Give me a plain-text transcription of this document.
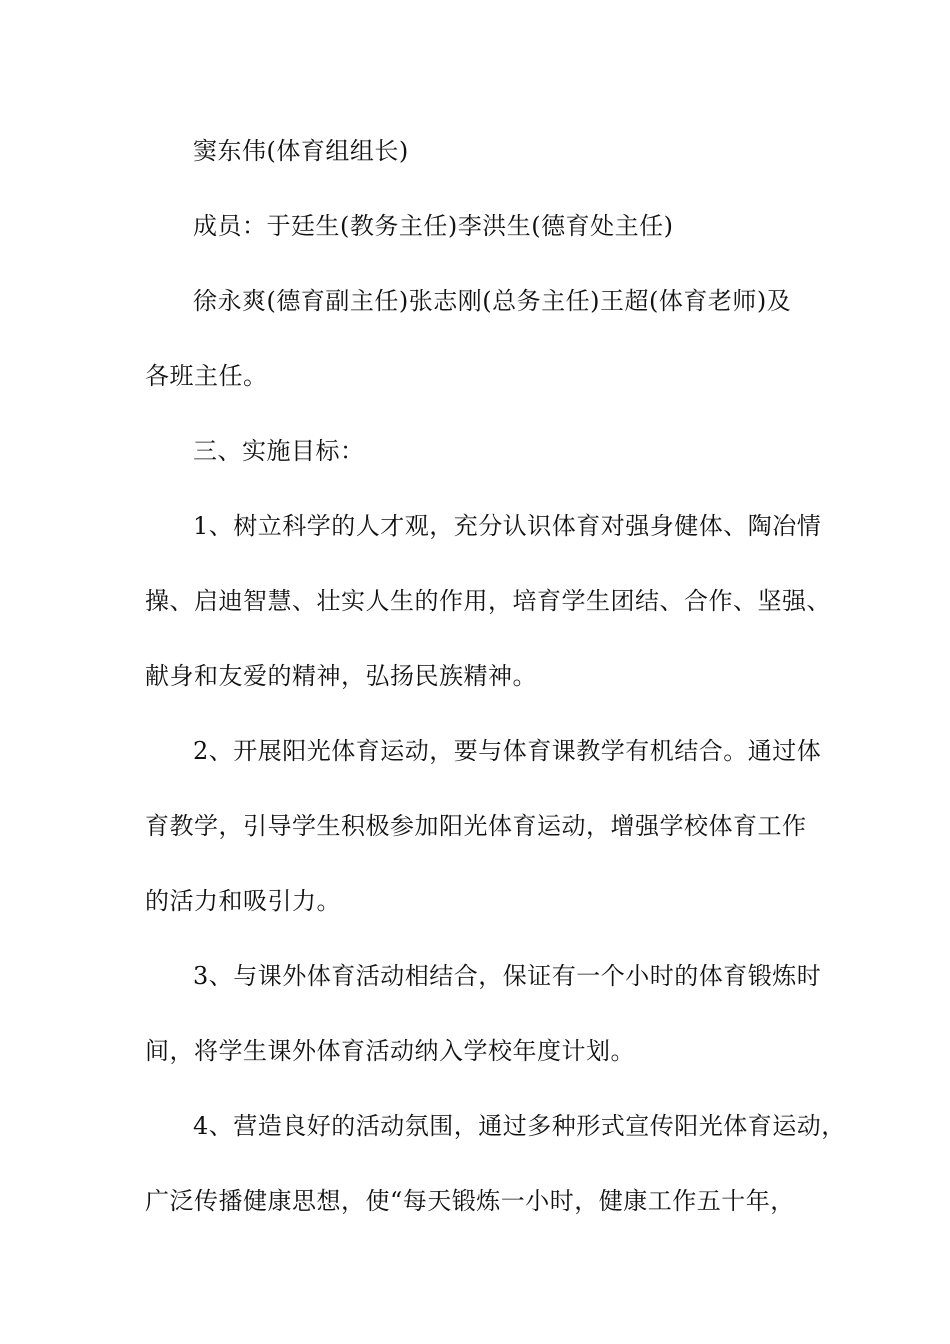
窦东伟(体育组组长)
成员：于廷生(教务主任)李洪生(德育处主任)
徐永爽(德育副主任)张志刚(总务主任)王超(体育老师)及
各班主任。
三、实施目标：
1、树立科学的人才观，充分认识体育对强身健体、陶冶情
操、启迪智慧、壮实人生的作用，培育学生团结、合作、坚强、
献身和友爱的精神，弘扬民族精神。
2、开展阳光体育运动，要与体育课教学有机结合。通过体
育教学，引导学生积极参加阳光体育运动，增强学校体育工作
的活力和吸引力。
3、与课外体育活动相结合，保证有一个小时的体育锻炼时
间，将学生课外体育活动纳入学校年度计划。
4、营造良好的活动氛围，通过多种形式宣传阳光体育运动，
广泛传播健康思想，使“每天锻炼一小时，健康工作五十年，
